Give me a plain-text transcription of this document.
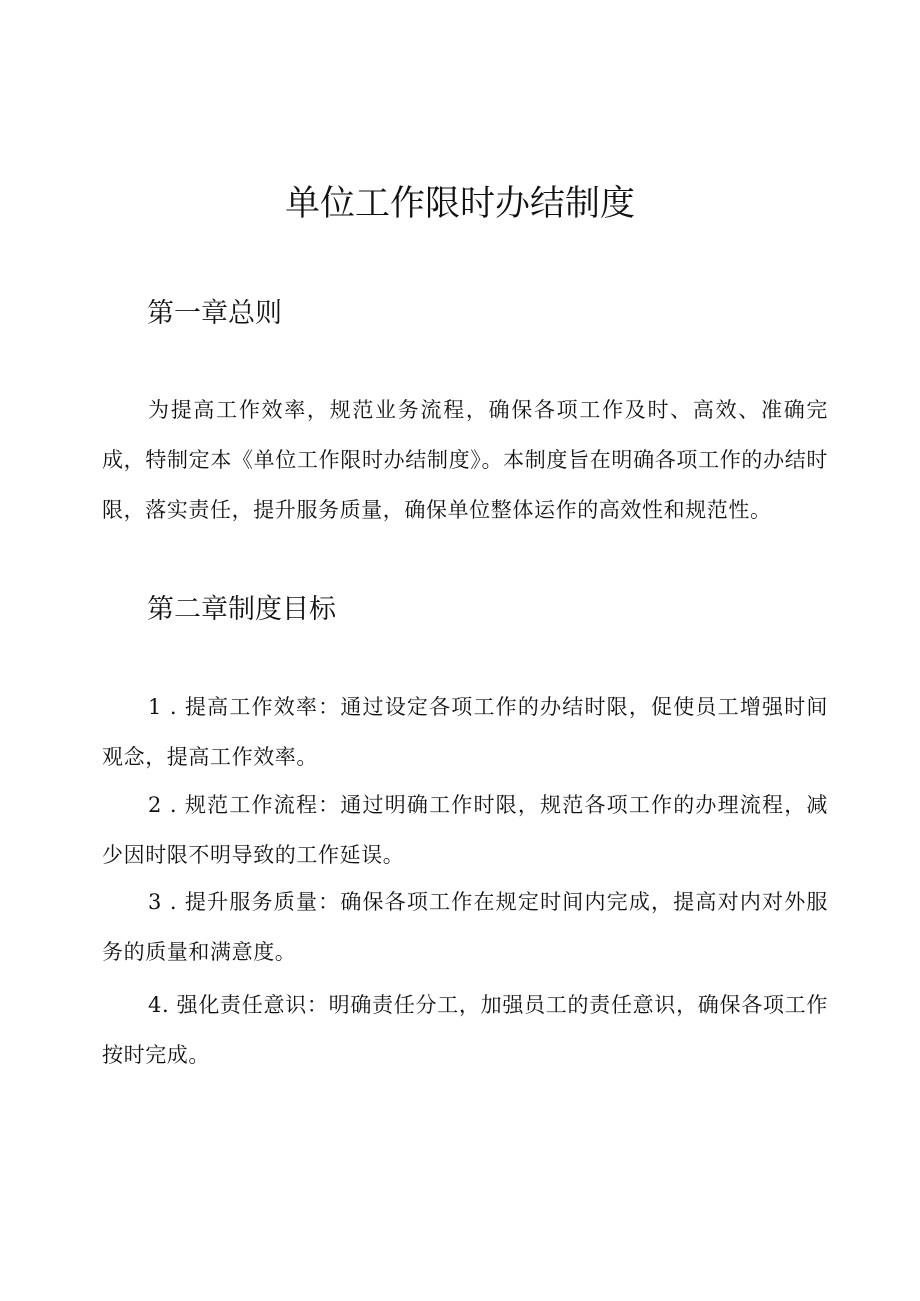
单位工作限时办结制度
第一章总则

为提高工作效率，规范业务流程，确保各项工作及时、高效、准确完成，特制定本《单位工作限时办结制度》。本制度旨在明确各项工作的办结时限，落实责任，提升服务质量，确保单位整体运作的高效性和规范性。

第二章制度目标

1 . 提高工作效率：通过设定各项工作的办结时限，促使员工增强时间观念，提高工作效率。

2 . 规范工作流程：通过明确工作时限，规范各项工作的办理流程，减少因时限不明导致的工作延误。

3 . 提升服务质量：确保各项工作在规定时间内完成，提高对内对外服务的质量和满意度。

4. 强化责任意识：明确责任分工，加强员工的责任意识，确保各项工作按时完成。
